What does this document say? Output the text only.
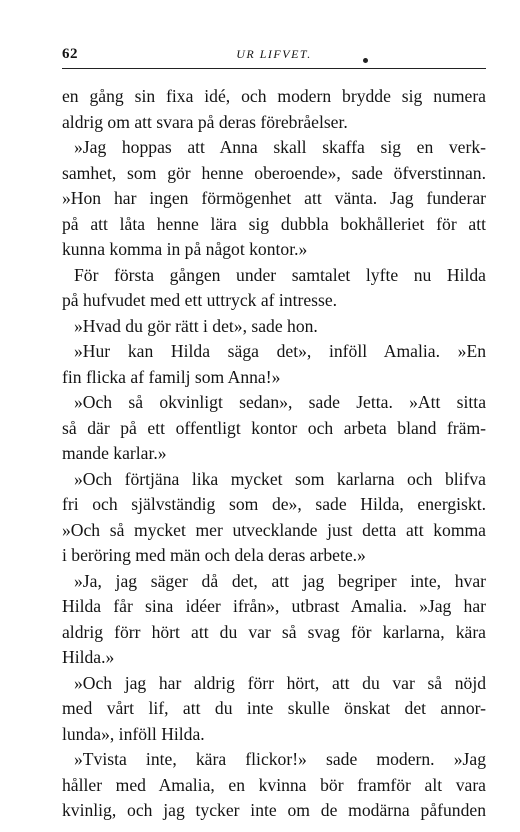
62	UR LIFVET.
en gång sin fixa idé, och modern brydde sig numera
aldrig om att svara på deras förebråelser.
»Jag hoppas att Anna skall skaffa sig en verk-
samhet, som gör henne oberoende», sade öfverstinnan.
»Hon har ingen förmögenhet att vänta. Jag funderar
på att låta henne lära sig dubbla bokhålleriet för att
kunna komma in på något kontor.»
För första gången under samtalet lyfte nu Hilda
på hufvudet med ett uttryck af intresse.
»Hvad du gör rätt i det», sade hon.
»Hur kan Hilda säga det», inföll Amalia. »En
fin flicka af familj som Anna!»
»Och så okvinligt sedan», sade Jetta. »Att sitta
så där på ett offentligt kontor och arbeta bland främ-
mande karlar.»
»Och förtjäna lika mycket som karlarna och blifva
fri och självständig som de», sade Hilda, energiskt.
»Och så mycket mer utvecklande just detta att komma
i beröring med män och dela deras arbete.»
»Ja, jag säger då det, att jag begriper inte, hvar
Hilda får sina idéer ifrån», utbrast Amalia. »Jag har
aldrig förr hört att du var så svag för karlarna, kära
Hilda.»
»Och jag har aldrig förr hört, att du var så nöjd
med vårt lif, att du inte skulle önskat det annor-
lunda», inföll Hilda.
»Tvista inte, kära flickor!» sade modern. »Jag
håller med Amalia, en kvinna bör framför alt vara
kvinlig, och jag tycker inte om de modärna påfunden
